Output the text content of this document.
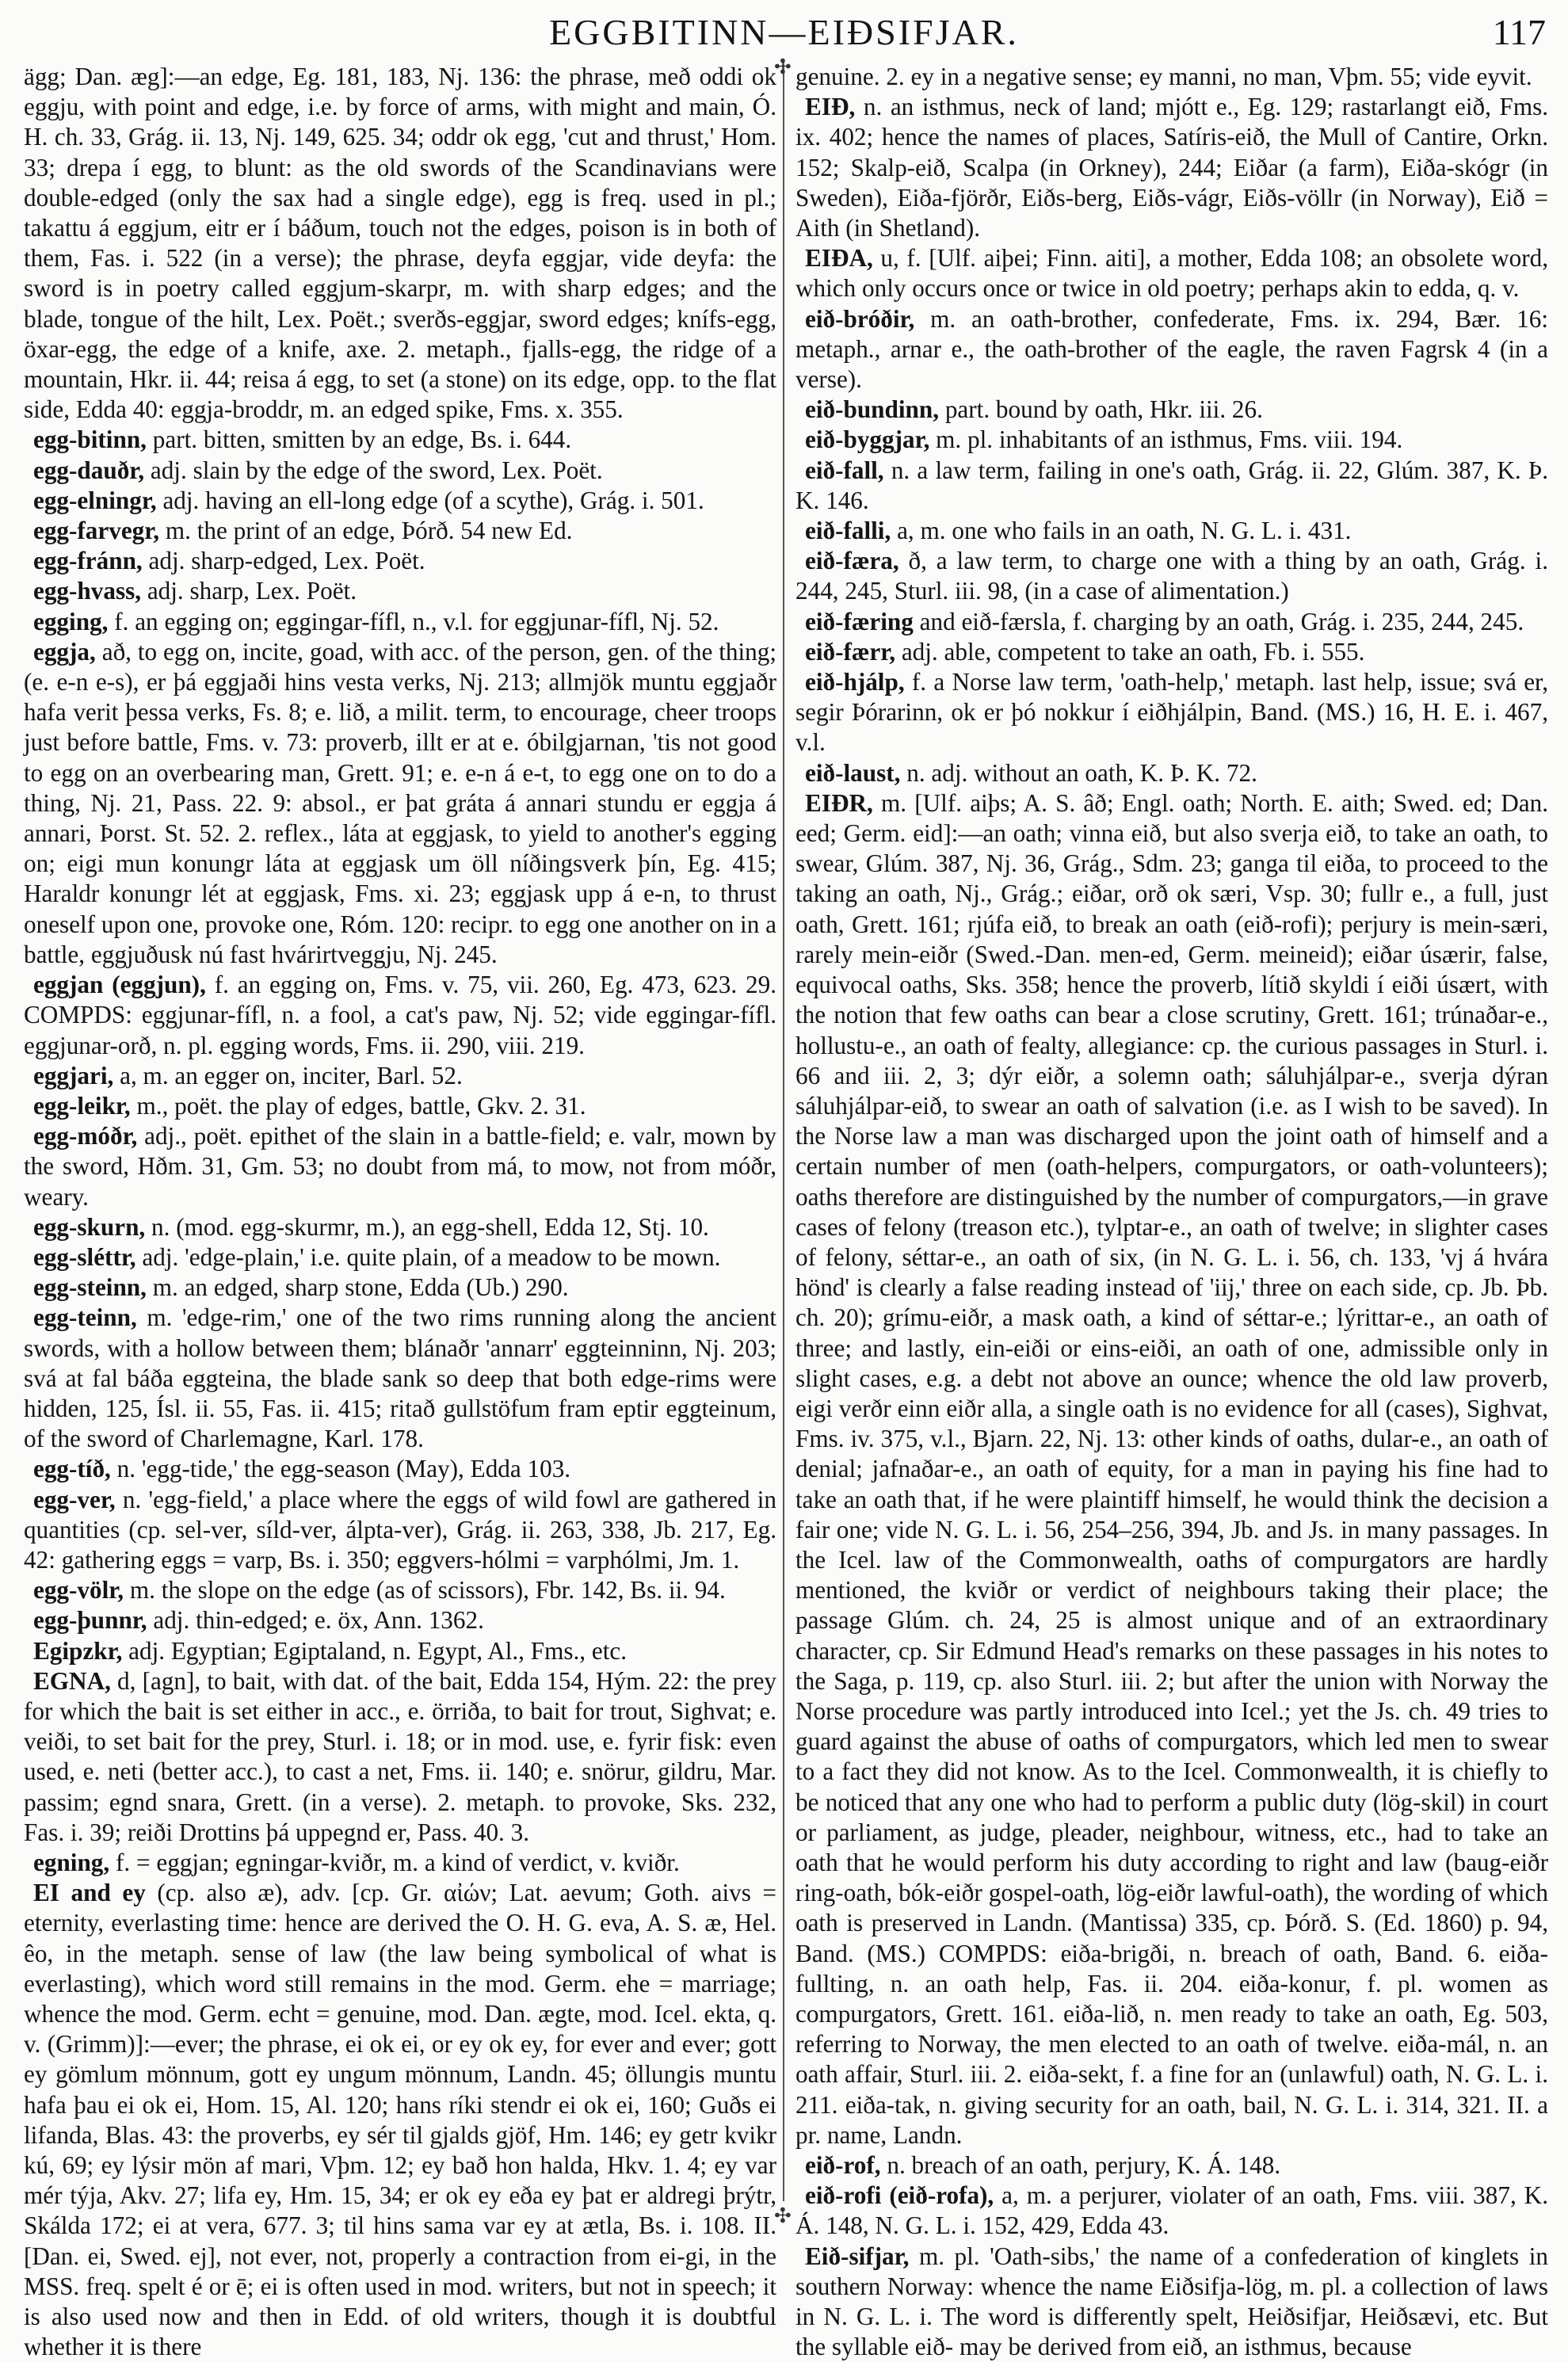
EGGBITINN—EIÐSIFJAR.	117
✣
✣

ägg; Dan. æg]:—an edge, Eg. 181, 183, Nj. 136: the phrase, með oddi ok eggju, with point and edge, i.e. by force of arms, with might and main, Ó. H. ch. 33, Grág. ii. 13, Nj. 149, 625. 34; oddr ok egg, 'cut and thrust,' Hom. 33; drepa í egg, to blunt: as the old swords of the Scandinavians were double-edged (only the sax had a single edge), egg is freq. used in pl.; takattu á eggjum, eitr er í báðum, touch not the edges, poison is in both of them, Fas. i. 522 (in a verse); the phrase, deyfa eggjar, vide deyfa: the sword is in poetry called eggjum-skarpr, m. with sharp edges; and the blade, tongue of the hilt, Lex. Poët.; sverðs-eggjar, sword edges; knífs-egg, öxar-egg, the edge of a knife, axe. 2. metaph., fjalls-egg, the ridge of a mountain, Hkr. ii. 44; reisa á egg, to set (a stone) on its edge, opp. to the flat side, Edda 40: eggja-broddr, m. an edged spike, Fms. x. 355.

egg-bitinn, part. bitten, smitten by an edge, Bs. i. 644.

egg-dauðr, adj. slain by the edge of the sword, Lex. Poët.

egg-elningr, adj. having an ell-long edge (of a scythe), Grág. i. 501.

egg-farvegr, m. the print of an edge, Þórð. 54 new Ed.

egg-fránn, adj. sharp-edged, Lex. Poët.

egg-hvass, adj. sharp, Lex. Poët.

egging, f. an egging on; eggingar-fífl, n., v.l. for eggjunar-fífl, Nj. 52.

eggja, að, to egg on, incite, goad, with acc. of the person, gen. of the thing; (e. e-n e-s), er þá eggjaði hins vesta verks, Nj. 213; allmjök muntu eggjaðr hafa verit þessa verks, Fs. 8; e. lið, a milit. term, to encourage, cheer troops just before battle, Fms. v. 73: proverb, illt er at e. óbilgjarnan, 'tis not good to egg on an overbearing man, Grett. 91; e. e-n á e-t, to egg one on to do a thing, Nj. 21, Pass. 22. 9: absol., er þat gráta á annari stundu er eggja á annari, Þorst. St. 52. 2. reflex., láta at eggjask, to yield to another's egging on; eigi mun konungr láta at eggjask um öll níðingsverk þín, Eg. 415; Haraldr konungr lét at eggjask, Fms. xi. 23; eggjask upp á e-n, to thrust oneself upon one, provoke one, Róm. 120: recipr. to egg one another on in a battle, eggjuðusk nú fast hvárirtveggju, Nj. 245.

eggjan (eggjun), f. an egging on, Fms. v. 75, vii. 260, Eg. 473, 623. 29. COMPDS: eggjunar-fífl, n. a fool, a cat's paw, Nj. 52; vide eggingar-fífl. eggjunar-orð, n. pl. egging words, Fms. ii. 290, viii. 219.

eggjari, a, m. an egger on, inciter, Barl. 52.

egg-leikr, m., poët. the play of edges, battle, Gkv. 2. 31.

egg-móðr, adj., poët. epithet of the slain in a battle-field; e. valr, mown by the sword, Hðm. 31, Gm. 53; no doubt from má, to mow, not from móðr, weary.

egg-skurn, n. (mod. egg-skurmr, m.), an egg-shell, Edda 12, Stj. 10.

egg-sléttr, adj. 'edge-plain,' i.e. quite plain, of a meadow to be mown.

egg-steinn, m. an edged, sharp stone, Edda (Ub.) 290.

egg-teinn, m. 'edge-rim,' one of the two rims running along the ancient swords, with a hollow between them; blánaðr 'annarr' eggteinninn, Nj. 203; svá at fal báða eggteina, the blade sank so deep that both edge-rims were hidden, 125, Ísl. ii. 55, Fas. ii. 415; ritað gullstöfum fram eptir eggteinum, of the sword of Charlemagne, Karl. 178.

egg-tíð, n. 'egg-tide,' the egg-season (May), Edda 103.

egg-ver, n. 'egg-field,' a place where the eggs of wild fowl are gathered in quantities (cp. sel-ver, síld-ver, álpta-ver), Grág. ii. 263, 338, Jb. 217, Eg. 42: gathering eggs = varp, Bs. i. 350; eggvers-hólmi = varphólmi, Jm. 1.

egg-völr, m. the slope on the edge (as of scissors), Fbr. 142, Bs. ii. 94.

egg-þunnr, adj. thin-edged; e. öx, Ann. 1362.

Egipzkr, adj. Egyptian; Egiptaland, n. Egypt, Al., Fms., etc.

EGNA, d, [agn], to bait, with dat. of the bait, Edda 154, Hým. 22: the prey for which the bait is set either in acc., e. örriða, to bait for trout, Sighvat; e. veiði, to set bait for the prey, Sturl. i. 18; or in mod. use, e. fyrir fisk: even used, e. neti (better acc.), to cast a net, Fms. ii. 140; e. snörur, gildru, Mar. passim; egnd snara, Grett. (in a verse). 2. metaph. to provoke, Sks. 232, Fas. i. 39; reiði Drottins þá uppegnd er, Pass. 40. 3.

egning, f. = eggjan; egningar-kviðr, m. a kind of verdict, v. kviðr.

EI and ey (cp. also æ), adv. [cp. Gr. αἰών; Lat. aevum; Goth. aivs = eternity, everlasting time: hence are derived the O. H. G. eva, A. S. æ, Hel. êo, in the metaph. sense of law (the law being symbolical of what is everlasting), which word still remains in the mod. Germ. ehe = marriage; whence the mod. Germ. echt = genuine, mod. Dan. ægte, mod. Icel. ekta, q. v. (Grimm)]:—ever; the phrase, ei ok ei, or ey ok ey, for ever and ever; gott ey gömlum mönnum, gott ey ungum mönnum, Landn. 45; öllungis muntu hafa þau ei ok ei, Hom. 15, Al. 120; hans ríki stendr ei ok ei, 160; Guðs ei lifanda, Blas. 43: the proverbs, ey sér til gjalds gjöf, Hm. 146; ey getr kvikr kú, 69; ey lýsir mön af mari, Vþm. 12; ey bað hon halda, Hkv. 1. 4; ey var mér týja, Akv. 27; lifa ey, Hm. 15, 34; er ok ey eða ey þat er aldregi þrýtr, Skálda 172; ei at vera, 677. 3; til hins sama var ey at ætla, Bs. i. 108. II. [Dan. ei, Swed. ej], not ever, not, properly a contraction from ei-gi, in the MSS. freq. spelt é or ē; ei is often used in mod. writers, but not in speech; it is also used now and then in Edd. of old writers, though it is doubtful whether it is there

genuine. 2. ey in a negative sense; ey manni, no man, Vþm. 55; vide eyvit.

EIÐ, n. an isthmus, neck of land; mjótt e., Eg. 129; rastarlangt eið, Fms. ix. 402; hence the names of places, Satíris-eið, the Mull of Cantire, Orkn. 152; Skalp-eið, Scalpa (in Orkney), 244; Eiðar (a farm), Eiða-skógr (in Sweden), Eiða-fjörðr, Eiðs-berg, Eiðs-vágr, Eiðs-völlr (in Norway), Eið = Aith (in Shetland).

EIÐA, u, f. [Ulf. aiþei; Finn. aiti], a mother, Edda 108; an obsolete word, which only occurs once or twice in old poetry; perhaps akin to edda, q. v.

eið-bróðir, m. an oath-brother, confederate, Fms. ix. 294, Bær. 16: metaph., arnar e., the oath-brother of the eagle, the raven Fagrsk 4 (in a verse).

eið-bundinn, part. bound by oath, Hkr. iii. 26.

eið-byggjar, m. pl. inhabitants of an isthmus, Fms. viii. 194.

eið-fall, n. a law term, failing in one's oath, Grág. ii. 22, Glúm. 387, K. Þ. K. 146.

eið-falli, a, m. one who fails in an oath, N. G. L. i. 431.

eið-færa, ð, a law term, to charge one with a thing by an oath, Grág. i. 244, 245, Sturl. iii. 98, (in a case of alimentation.)

eið-færing and eið-færsla, f. charging by an oath, Grág. i. 235, 244, 245.

eið-færr, adj. able, competent to take an oath, Fb. i. 555.

eið-hjálp, f. a Norse law term, 'oath-help,' metaph. last help, issue; svá er, segir Þórarinn, ok er þó nokkur í eiðhjálpin, Band. (MS.) 16, H. E. i. 467, v.l.

eið-laust, n. adj. without an oath, K. Þ. K. 72.

EIÐR, m. [Ulf. aiþs; A. S. âð; Engl. oath; North. E. aith; Swed. ed; Dan. eed; Germ. eid]:—an oath; vinna eið, but also sverja eið, to take an oath, to swear, Glúm. 387, Nj. 36, Grág., Sdm. 23; ganga til eiða, to proceed to the taking an oath, Nj., Grág.; eiðar, orð ok særi, Vsp. 30; fullr e., a full, just oath, Grett. 161; rjúfa eið, to break an oath (eið-rofi); perjury is mein-særi, rarely mein-eiðr (Swed.-Dan. men-ed, Germ. meineid); eiðar úsærir, false, equivocal oaths, Sks. 358; hence the proverb, lítið skyldi í eiði úsært, with the notion that few oaths can bear a close scrutiny, Grett. 161; trúnaðar-e., hollustu-e., an oath of fealty, allegiance: cp. the curious passages in Sturl. i. 66 and iii. 2, 3; dýr eiðr, a solemn oath; sáluhjálpar-e., sverja dýran sáluhjálpar-eið, to swear an oath of salvation (i.e. as I wish to be saved). In the Norse law a man was discharged upon the joint oath of himself and a certain number of men (oath-helpers, compurgators, or oath-volunteers); oaths therefore are distinguished by the number of compurgators,—in grave cases of felony (treason etc.), tylptar-e., an oath of twelve; in slighter cases of felony, séttar-e., an oath of six, (in N. G. L. i. 56, ch. 133, 'vj á hvára hönd' is clearly a false reading instead of 'iij,' three on each side, cp. Jb. Þb. ch. 20); grímu-eiðr, a mask oath, a kind of séttar-e.; lýrittar-e., an oath of three; and lastly, ein-eiði or eins-eiði, an oath of one, admissible only in slight cases, e.g. a debt not above an ounce; whence the old law proverb, eigi verðr einn eiðr alla, a single oath is no evidence for all (cases), Sighvat, Fms. iv. 375, v.l., Bjarn. 22, Nj. 13: other kinds of oaths, dular-e., an oath of denial; jafnaðar-e., an oath of equity, for a man in paying his fine had to take an oath that, if he were plaintiff himself, he would think the decision a fair one; vide N. G. L. i. 56, 254–256, 394, Jb. and Js. in many passages. In the Icel. law of the Commonwealth, oaths of compurgators are hardly mentioned, the kviðr or verdict of neighbours taking their place; the passage Glúm. ch. 24, 25 is almost unique and of an extraordinary character, cp. Sir Edmund Head's remarks on these passages in his notes to the Saga, p. 119, cp. also Sturl. iii. 2; but after the union with Norway the Norse procedure was partly introduced into Icel.; yet the Js. ch. 49 tries to guard against the abuse of oaths of compurgators, which led men to swear to a fact they did not know. As to the Icel. Commonwealth, it is chiefly to be noticed that any one who had to perform a public duty (lög-skil) in court or parliament, as judge, pleader, neighbour, witness, etc., had to take an oath that he would perform his duty according to right and law (baug-eiðr ring-oath, bók-eiðr gospel-oath, lög-eiðr lawful-oath), the wording of which oath is preserved in Landn. (Mantissa) 335, cp. Þórð. S. (Ed. 1860) p. 94, Band. (MS.) COMPDS: eiða-brigði, n. breach of oath, Band. 6. eiða-fullting, n. an oath help, Fas. ii. 204. eiða-konur, f. pl. women as compurgators, Grett. 161. eiða-lið, n. men ready to take an oath, Eg. 503, referring to Norway, the men elected to an oath of twelve. eiða-mál, n. an oath affair, Sturl. iii. 2. eiða-sekt, f. a fine for an (unlawful) oath, N. G. L. i. 211. eiða-tak, n. giving security for an oath, bail, N. G. L. i. 314, 321. II. a pr. name, Landn.

eið-rof, n. breach of an oath, perjury, K. Á. 148.

eið-rofi (eið-rofa), a, m. a perjurer, violater of an oath, Fms. viii. 387, K. Á. 148, N. G. L. i. 152, 429, Edda 43.

Eið-sifjar, m. pl. 'Oath-sibs,' the name of a confederation of kinglets in southern Norway: whence the name Eiðsifja-lög, m. pl. a collection of laws in N. G. L. i. The word is differently spelt, Heiðsifjar, Heiðsævi, etc. But the syllable eið- may be derived from eið, an isthmus, because
